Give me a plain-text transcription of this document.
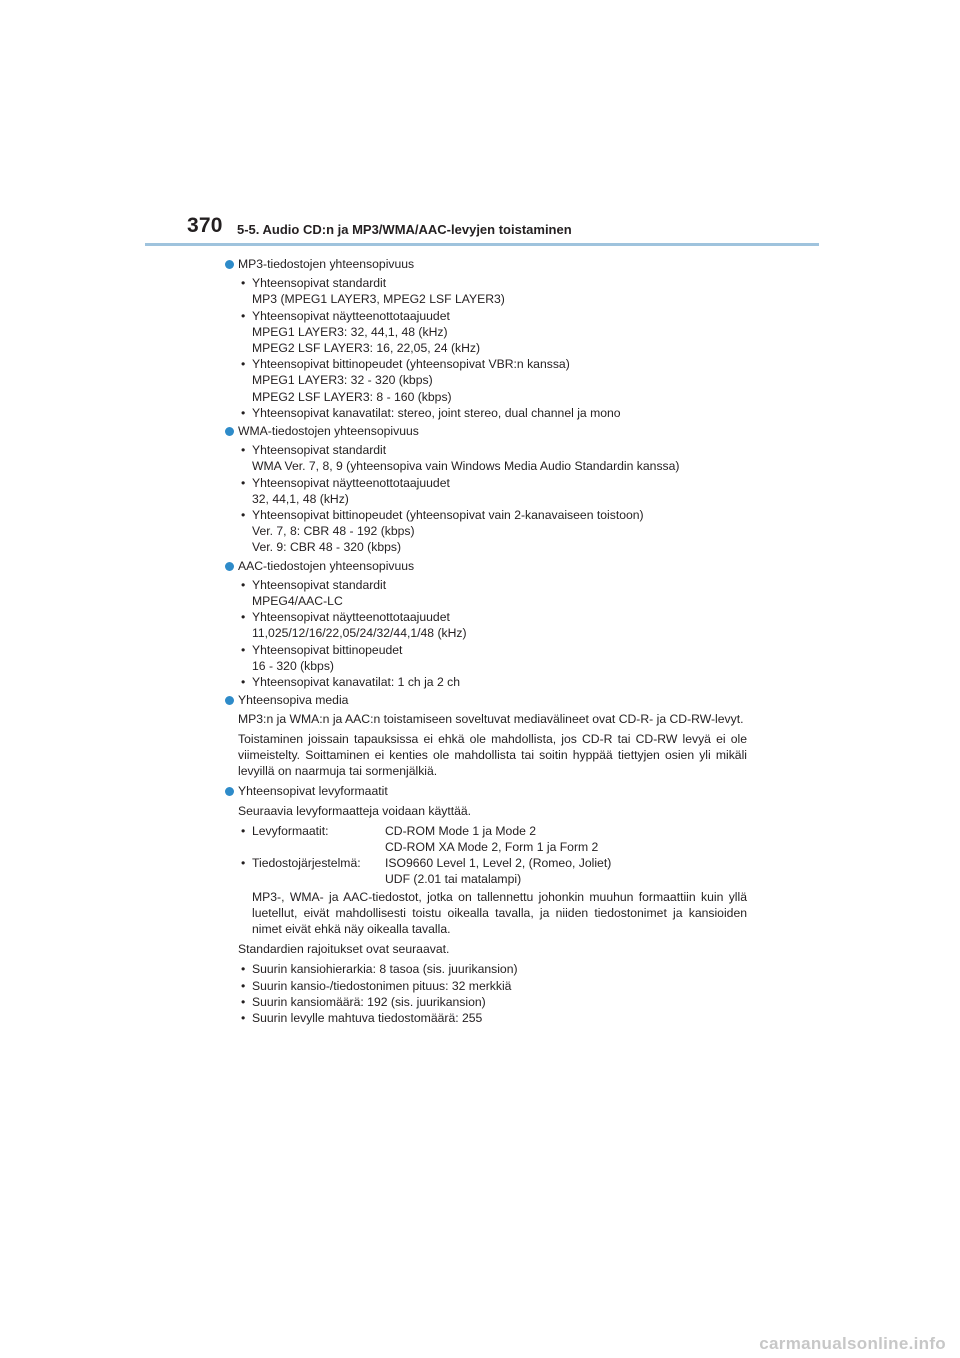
370 5-5. Audio CD:n ja MP3/WMA/AAC-levyjen toistaminen
MP3-tiedostojen yhteensopivuus
• Yhteensopivat standardit
MP3 (MPEG1 LAYER3, MPEG2 LSF LAYER3)
• Yhteensopivat näytteenottotaajuudet
MPEG1 LAYER3: 32, 44,1, 48 (kHz)
MPEG2 LSF LAYER3: 16, 22,05, 24 (kHz)
• Yhteensopivat bittinopeudet (yhteensopivat VBR:n kanssa)
MPEG1 LAYER3: 32 - 320 (kbps)
MPEG2 LSF LAYER3: 8 - 160 (kbps)
• Yhteensopivat kanavatilat: stereo, joint stereo, dual channel ja mono
WMA-tiedostojen yhteensopivuus
• Yhteensopivat standardit
WMA Ver. 7, 8, 9 (yhteensopiva vain Windows Media Audio Standardin kanssa)
• Yhteensopivat näytteenottotaajuudet
32, 44,1, 48 (kHz)
• Yhteensopivat bittinopeudet (yhteensopivat vain 2-kanavaiseen toistoon)
Ver. 7, 8: CBR 48 - 192 (kbps)
Ver. 9: CBR 48 - 320 (kbps)
AAC-tiedostojen yhteensopivuus
• Yhteensopivat standardit
MPEG4/AAC-LC
• Yhteensopivat näytteenottotaajuudet
11,025/12/16/22,05/24/32/44,1/48 (kHz)
• Yhteensopivat bittinopeudet
16 - 320 (kbps)
• Yhteensopivat kanavatilat: 1 ch ja 2 ch
Yhteensopiva media
MP3:n ja WMA:n ja AAC:n toistamiseen soveltuvat mediavälineet ovat CD-R- ja CD-RW-levyt.
Toistaminen joissain tapauksissa ei ehkä ole mahdollista, jos CD-R tai CD-RW levyä ei ole viimeistelty. Soittaminen ei kenties ole mahdollista tai soitin hyppää tiettyjen osien yli mikäli levyillä on naarmuja tai sormenjälkiä.
Yhteensopivat levyformaatit
Seuraavia levyformaatteja voidaan käyttää.
• Levyformaatit:	CD-ROM Mode 1 ja Mode 2
CD-ROM XA Mode 2, Form 1 ja Form 2
• Tiedostojärjestelmä: ISO9660 Level 1, Level 2, (Romeo, Joliet)
UDF (2.01 tai matalampi)
MP3-, WMA- ja AAC-tiedostot, jotka on tallennettu johonkin muuhun formaattiin kuin yllä luetellut, eivät mahdollisesti toistu oikealla tavalla, ja niiden tiedostonimet ja kansioiden nimet eivät ehkä näy oikealla tavalla.
Standardien rajoitukset ovat seuraavat.
• Suurin kansiohierarkia: 8 tasoa (sis. juurikansion)
• Suurin kansio-/tiedostonimen pituus: 32 merkkiä
• Suurin kansiomäärä: 192 (sis. juurikansion)
• Suurin levylle mahtuva tiedostomäärä: 255
carmanualsonline.info
